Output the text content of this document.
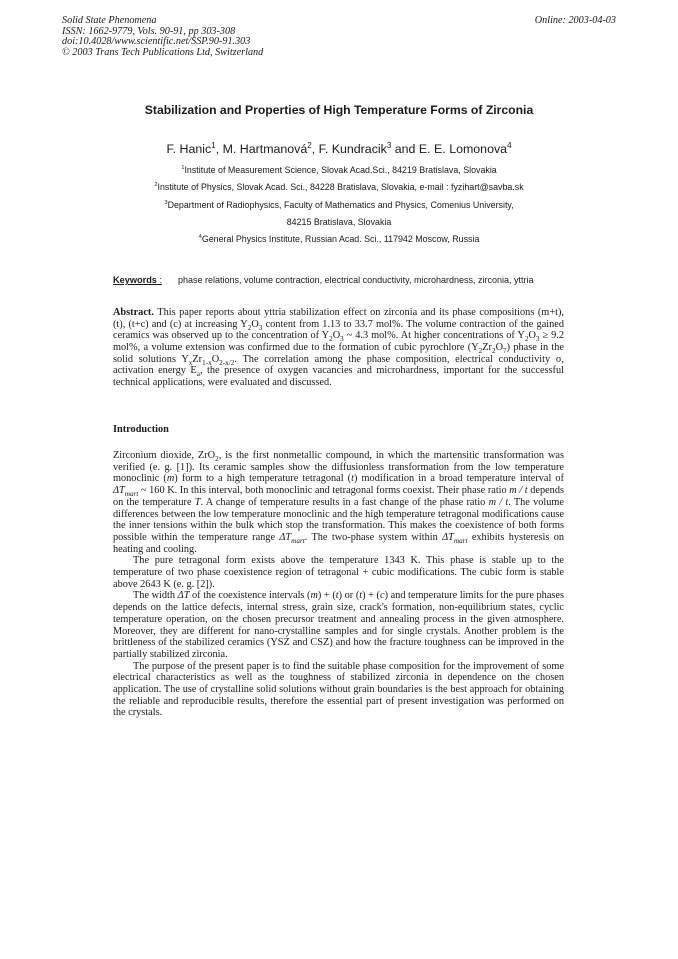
Solid State Phenomena
ISSN: 1662-9779, Vols. 90-91, pp 303-308
doi:10.4028/www.scientific.net/SSP.90-91.303
© 2003 Trans Tech Publications Ltd, Switzerland
Online: 2003-04-03
Stabilization and Properties of High Temperature Forms of Zirconia
F. Hanic$^1$, M. Hartmanová$^2$, F. Kundracik$^3$ and E. E. Lomonova$^4$
$^1$Institute of Measurement Science, Slovak Acad.Sci., 84219 Bratislava, Slovakia
$^2$Institute of Physics, Slovak Acad. Sci., 84228 Bratislava, Slovakia, e-mail : fyzihart@savba.sk
$^3$Department of Radiophysics, Faculty of Mathematics and Physics, Comenius University,
84215 Bratislava, Slovakia
$^4$General Physics Institute, Russian Acad. Sci., 117942 Moscow, Russia
Keywords : phase relations, volume contraction, electrical conductivity, microhardness, zirconia, yttria
Abstract. This paper reports about yttria stabilization effect on zirconia and its phase compositions (m+t), (t), (t+c) and (c) at increasing $Y_2O_3$ content from 1.13 to 33.7 mol%. The volume contraction of the gained ceramics was observed up to the concentration of $Y_2O_3$ ~ 4.3 mol%. At higher concentrations of $Y_2O_3 \ge 9.2$ mol%, a volume extension was confirmed due to the formation of cubic pyrochlore $(Y_2Zr_2O_7)$ phase in the solid solutions $Y_xZr_{1-x}O_{2-x/2}$. The correlation among the phase composition, electrical conductivity σ, activation energy $E_a$, the presence of oxygen vacancies and microhardness, important for the successful technical applications, were evaluated and discussed.
Introduction

Zirconium dioxide, ZrO$_2$, is the first nonmetallic compound, in which the martensitic transformation was verified (e. g. [1]). Its ceramic samples show the diffusionless transformation from the low temperature monoclinic (m) form to a high temperature tetragonal (t) modification in a broad temperature interval of $\Delta T_{mart}$ ~ 160 K. In this interval, both monoclinic and tetragonal forms coexist. Their phase ratio m / t depends on the temperature T. A change of temperature results in a fast change of the phase ratio m / t. The volume differences between the low temperature monoclinic and the high temperature tetragonal modifications cause the inner tensions within the bulk which stop the transformation. This makes the coexistence of both forms possible within the temperature range $\Delta T_{mart}$. The two-phase system within $\Delta T_{mart}$ exhibits hysteresis on heating and cooling.

The pure tetragonal form exists above the temperature 1343 K. This phase is stable up to the temperature of two phase coexistence region of tetragonal + cubic modifications. The cubic form is stable above 2643 K (e. g. [2]).

The width ΔT of the coexistence intervals (m) + (t) or (t) + (c) and temperature limits for the pure phases depends on the lattice defects, internal stress, grain size, crack's formation, non-equilibrium states, cyclic temperature operation, on the chosen precursor treatment and annealing process in the given atmosphere. Moreover, they are different for nano-crystalline samples and for single crystals. Another problem is the brittleness of the stabilized ceramics (YSZ and CSZ) and how the fracture toughness can be improved in the partially stabilized zirconia.

The purpose of the present paper is to find the suitable phase composition for the improvement of some electrical characteristics as well as the toughness of stabilized zirconia in dependence on the chosen application. The use of crystalline solid solutions without grain boundaries is the best approach for obtaining the reliable and reproducible results, therefore the essential part of present investigation was performed on the crystals.
